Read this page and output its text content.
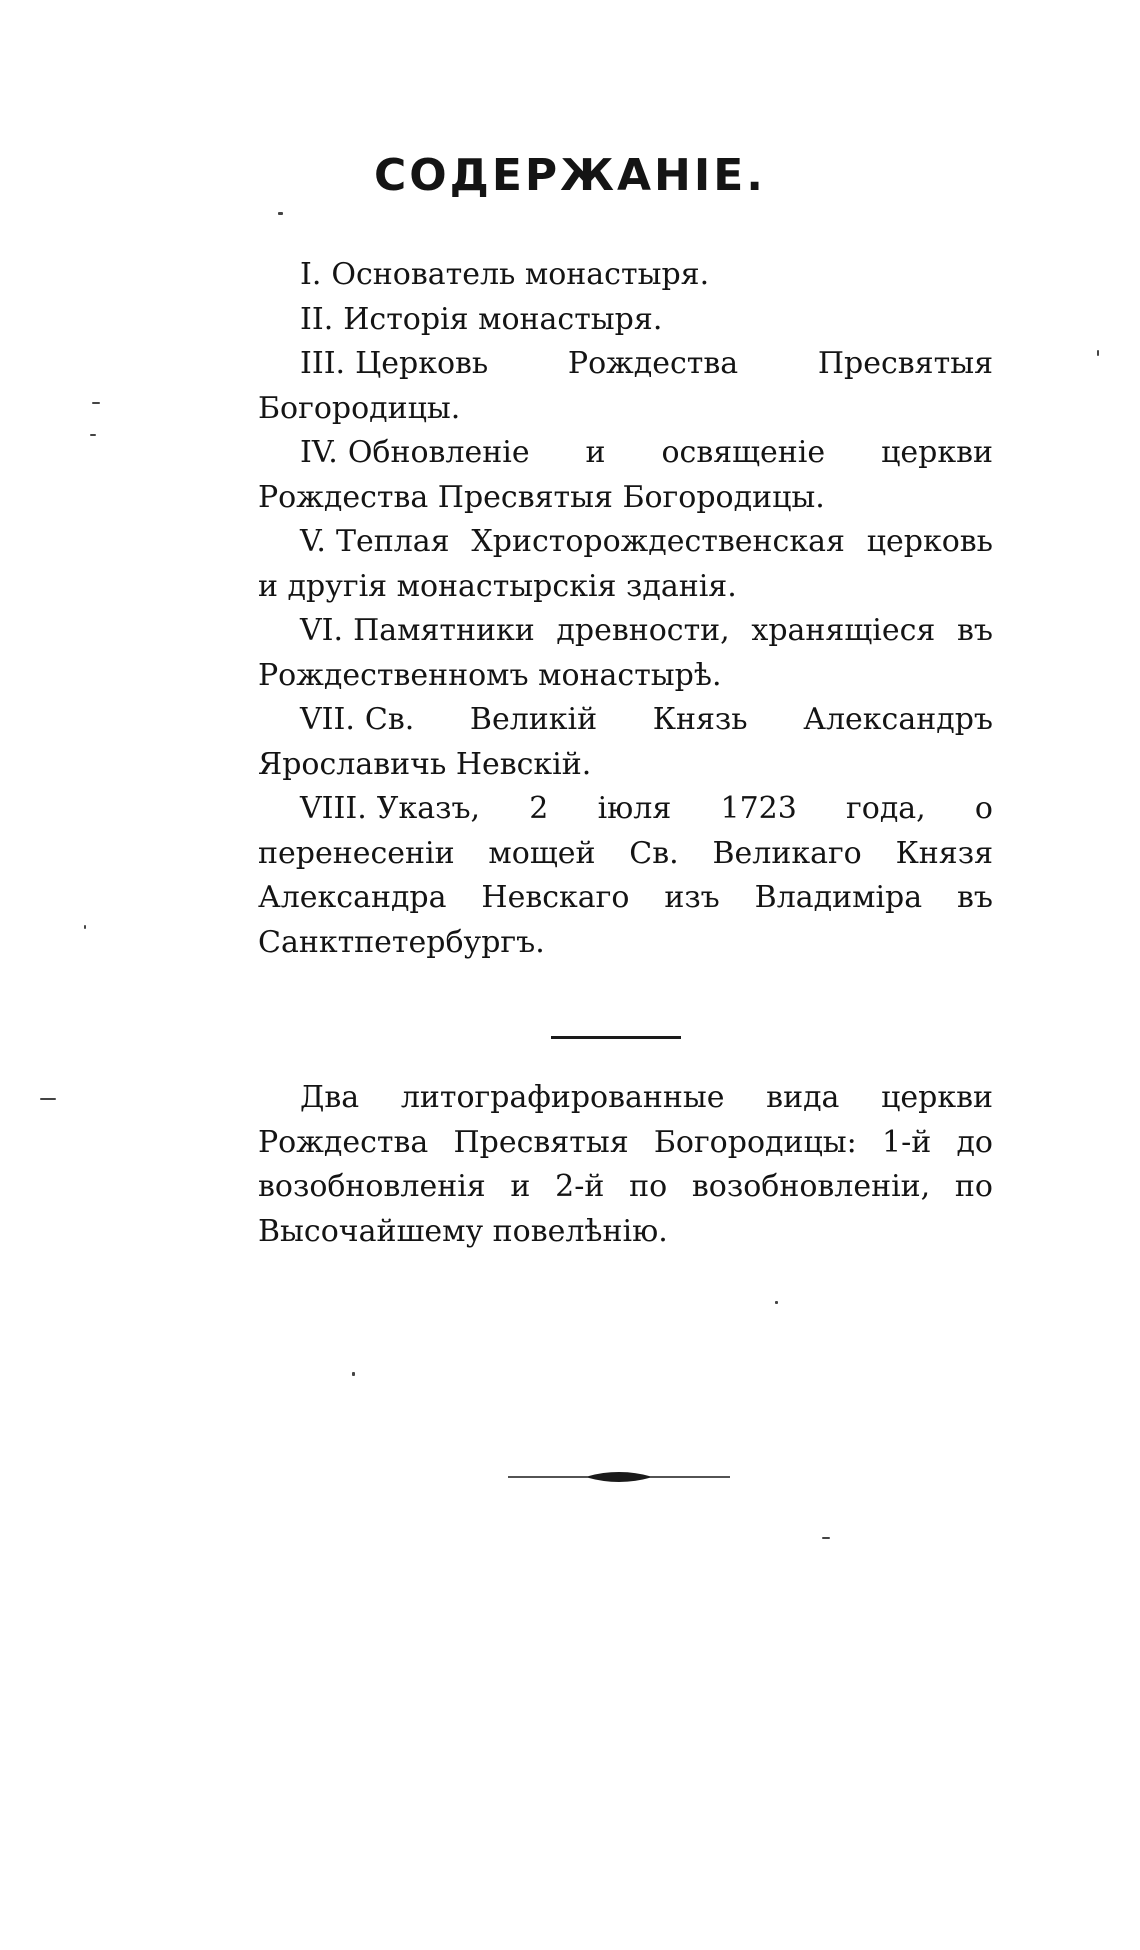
СОДЕРЖАНІЕ.
I. Основатель монастыря.
II. Исторія монастыря.
III. Церковь Рождества Пресвятыя Богородицы.
IV. Обновленіе и освященіе церкви Рождества Пресвятыя Богородицы.
V. Теплая Христорождественская церковь и другія монастырскія зданія.
VI. Памятники древности, хранящіеся въ Рождественномъ монастырѣ.
VII. Св. Великій Князь Александръ Ярославичь Невскій.
VIII. Указъ, 2 іюля 1723 года, о перенесеніи мощей Св. Великаго Князя Александра Невскаго изъ Владиміра въ Санктпетербургъ.

Два литографированные вида церкви Рождества Пресвятыя Богородицы: 1-й до возобновленія и 2-й по возобновленіи, по Высочайшему повелѣнію.
